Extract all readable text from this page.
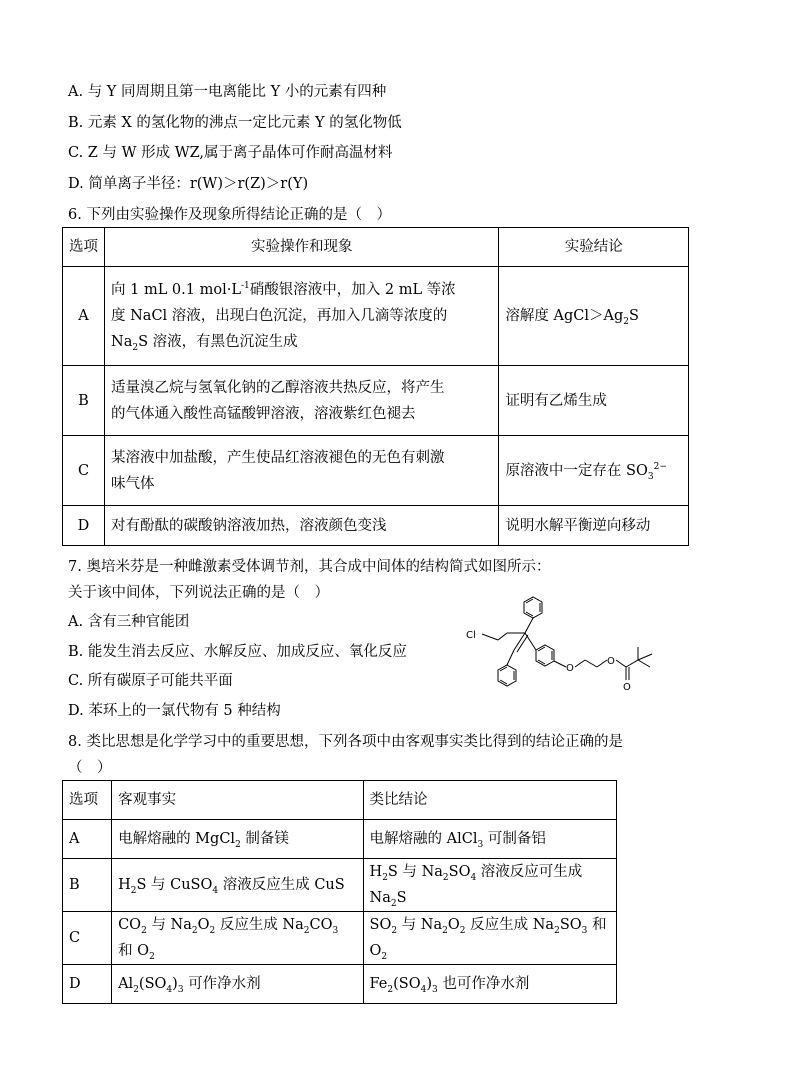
A. 与 Y 同周期且第一电离能比 Y 小的元素有四种
B. 元素 X 的氢化物的沸点一定比元素 Y 的氢化物低
C. Z 与 W 形成 WZ,属于离子晶体可作耐高温材料
D. 简单离子半径：r(W)＞r(Z)＞r(Y)
6. 下列由实验操作及现象所得结论正确的是（　）
选项	实验操作和现象	实验结论
A	向 1 mL 0.1 $mol\cdot L^{-1}$硝酸银溶液中，加入 2 mL 等浓
度 NaCl 溶液，出现白色沉淀，再加入几滴等浓度的
$Na_2S$ 溶液，有黑色沉淀生成	溶解度 $AgCl>Ag_2S$
B	适量溴乙烷与氢氧化钠的乙醇溶液共热反应，将产生
的气体通入酸性高锰酸钾溶液，溶液紫红色褪去	证明有乙烯生成
C	某溶液中加盐酸，产生使品红溶液褪色的无色有刺激
味气体	原溶液中一定存在 $SO_3^{2-}$
D	对有酚酞的碳酸钠溶液加热，溶液颜色变浅	说明水解平衡逆向移动
7. 奥培米芬是一种雌激素受体调节剂，其合成中间体的结构简式如图所示：
关于该中间体，下列说法正确的是（　）
A. 含有三种官能团
B. 能发生消去反应、水解反应、加成反应、氧化反应
C. 所有碳原子可能共平面
D. 苯环上的一氯代物有 5 种结构
Cl
O
O
O
8. 类比思想是化学学习中的重要思想，下列各项中由客观事实类比得到的结论正确的是
（　）
选项	客观事实	类比结论
A	电解熔融的 MgCl$_2$ 制备镁	电解熔融的 AlCl$_3$ 可制备铝
B	$H_2S$ 与 CuSO$_4$ 溶液反应生成 CuS	$H_2S$ 与 $Na_2SO_4$ 溶液反应可生成 $Na_2S$
C	$CO_2$ 与 $Na_2O_2$ 反应生成 $Na_2CO_3$ 和 $O_2$	$SO_2$ 与 $Na_2O_2$ 反应生成 $Na_2SO_3$ 和 $O_2$
D	$Al_2(SO_4)_3$ 可作净水剂	$Fe_2(SO_4)_3$ 也可作净水剂
